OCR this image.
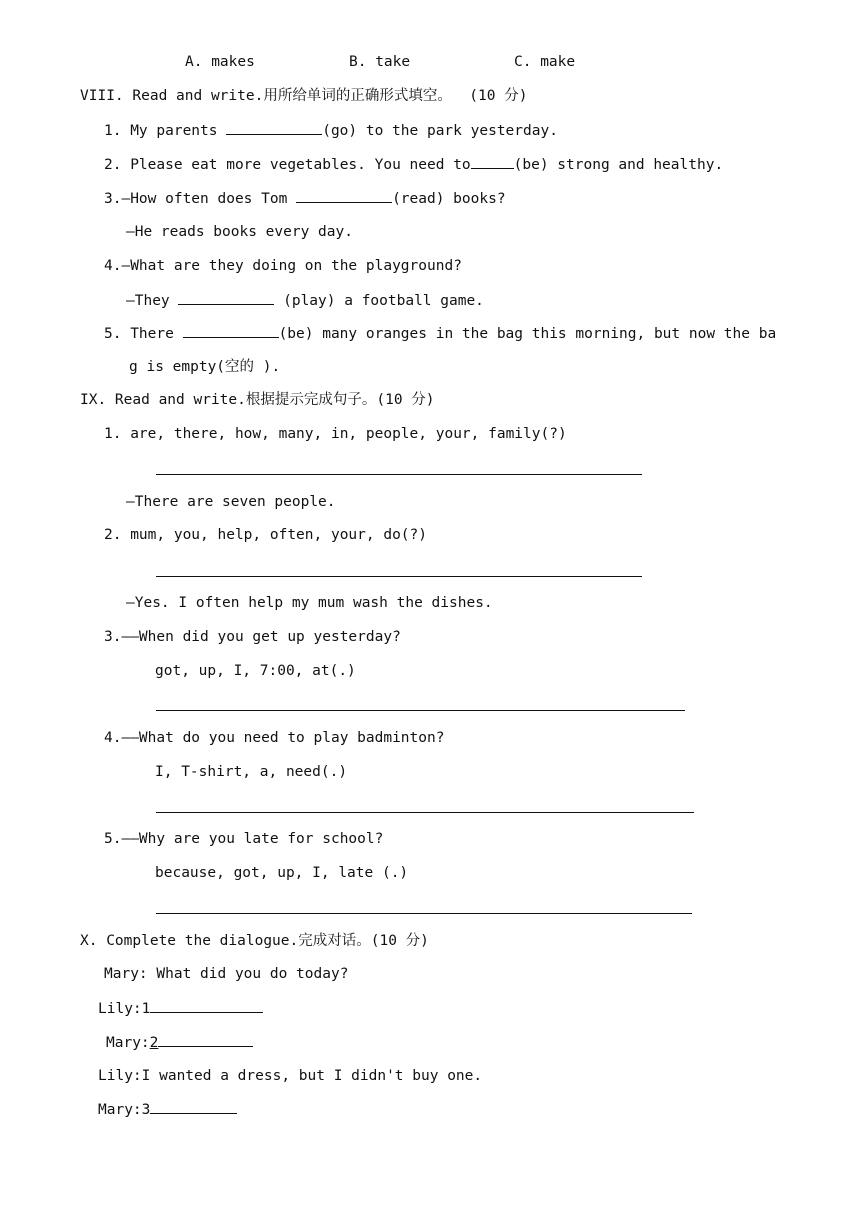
A. makes	B. take	C. make
VIII. Read and write.用所给单词的正确形式填空。  (10 分)
1. My parents	(go) to the park yesterday.
2. Please eat more vegetables. You need to	(be) strong and healthy.
3.—How often does Tom	(read) books?
—He reads books every day.
4.—What are they doing on the playground?
—They	(play) a football game.
5. There	(be) many oranges in the bag this morning, but now the ba
g is empty(空的 ).
IX. Read and write.根据提示完成句子。(10 分)
1. are, there, how, many, in, people, your, family(?)
—There are seven people.
2. mum, you, help, often, your, do(?)
—Yes. I often help my mum wash the dishes.
3.——When did you get up yesterday?
got, up, I, 7:00, at(.)
4.——What do you need to play badminton?
I, T-shirt, a, need(.)
5.——Why are you late for school?
because, got, up, I, late (.)
X. Complete the dialogue.完成对话。(10 分)
Mary: What did you do today?
Lily:1
Mary:2
Lily:I wanted a dress, but I didn't buy one.
Mary:3
